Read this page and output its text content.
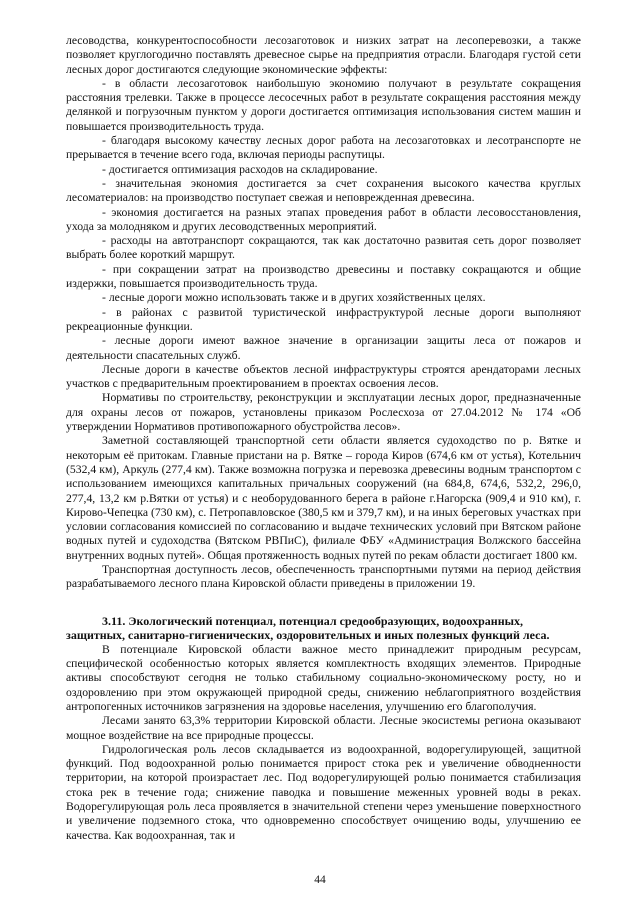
лесоводства, конкурентоспособности лесозаготовок и низких затрат на лесоперевозки, а также позволяет круглогодично поставлять древесное сырье на предприятия отрасли. Благодаря густой сети лесных дорог достигаются следующие экономические эффекты:

- в области лесозаготовок наибольшую экономию получают в результате сокращения расстояния трелевки. Также в процессе лесосечных работ в результате сокращения расстояния между делянкой и погрузочным пунктом у дороги достигается оптимизация использования систем машин и повышается производительность труда.

- благодаря высокому качеству лесных дорог работа на лесозаготовках и лесотранспорте не прерывается в течение всего года, включая периоды распутицы.

- достигается оптимизация расходов на складирование.

- значительная экономия достигается за счет сохранения высокого качества круглых лесоматериалов: на производство поступает свежая и неповрежденная древесина.

- экономия достигается на разных этапах проведения работ в области лесовосстановления, ухода за молодняком и других лесоводственных мероприятий.

- расходы на автотранспорт сокращаются, так как достаточно развитая сеть дорог позволяет выбрать более короткий маршрут.

- при сокращении затрат на производство древесины и поставку сокращаются и общие издержки, повышается производительность труда.

- лесные дороги можно использовать также и в других хозяйственных целях.

- в районах с развитой туристической инфраструктурой лесные дороги выполняют рекреационные функции.

- лесные дороги имеют важное значение в организации защиты леса от пожаров и деятельности спасательных служб.

Лесные дороги в качестве объектов лесной инфраструктуры строятся арендаторами лесных участков с предварительным проектированием в проектах освоения лесов.

Нормативы по строительству, реконструкции и эксплуатации лесных дорог, предназначенные для охраны лесов от пожаров, установлены приказом Рослесхоза от 27.04.2012 № 174 «Об утверждении Нормативов противопожарного обустройства лесов».

Заметной составляющей транспортной сети области является судоходство по р. Вятке и некоторым её притокам. Главные пристани на р. Вятке – города Киров (674,6 км от устья), Котельнич (532,4 км), Аркуль (277,4 км). Также возможна погрузка и перевозка древесины водным транспортом с использованием имеющихся капитальных причальных сооружений (на 684,8, 674,6, 532,2, 296,0, 277,4, 13,2 км р.Вятки от устья) и с необорудованного берега в районе г.Нагорска (909,4 и 910 км), г. Кирово-Чепецка (730 км), с. Петропавловское (380,5 км и 379,7 км), и на иных береговых участках при условии согласования комиссией по согласованию и выдаче технических условий при Вятском районе водных путей и судоходства (Вятском РВПиС), филиале ФБУ «Администрация Волжского бассейна внутренних водных путей». Общая протяженность водных путей по рекам области достигает 1800 км.

Транспортная доступность лесов, обеспеченность транспортными путями на период действия разрабатываемого лесного плана Кировской области приведены в приложении 19.

3.11. Экологический потенциал, потенциал средообразующих, водоохранных, защитных, санитарно-гигиенических, оздоровительных и иных полезных функций леса.

В потенциале Кировской области важное место принадлежит природным ресурсам, специфической особенностью которых является комплектность входящих элементов. Природные активы способствуют сегодня не только стабильному социально-экономическому росту, но и оздоровлению при этом окружающей природной среды, снижению неблагоприятного воздействия антропогенных источников загрязнения на здоровье населения, улучшению его благополучия.

Лесами занято 63,3% территории Кировской области. Лесные экосистемы региона оказывают мощное воздействие на все природные процессы.

Гидрологическая роль лесов складывается из водоохранной, водорегулирующей, защитной функций. Под водоохранной ролью понимается прирост стока рек и увеличение обводненности территории, на которой произрастает лес. Под водорегулирующей ролью понимается стабилизация стока рек в течение года; снижение паводка и повышение меженных уровней воды в реках. Водорегулирующая роль леса проявляется в значительной степени через уменьшение поверхностного и увеличение подземного стока, что одновременно способствует очищению воды, улучшению ее качества. Как водоохранная, так и

44
